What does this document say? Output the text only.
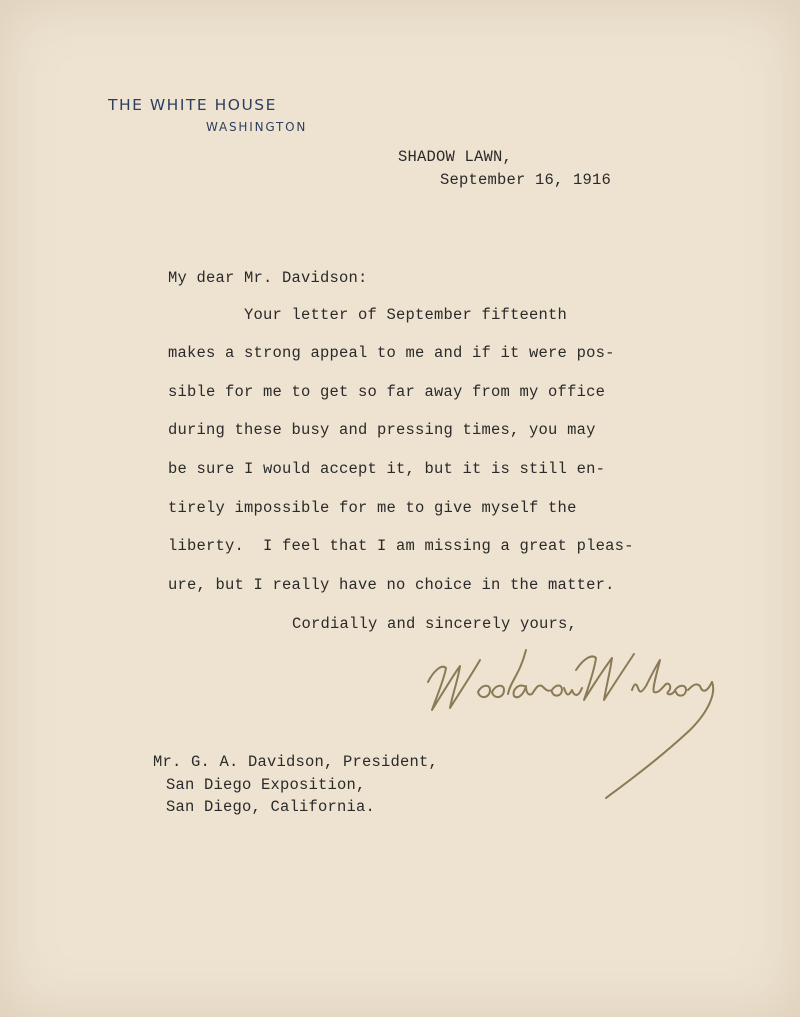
THE WHITE HOUSE
WASHINGTON
SHADOW LAWN,
September 16, 1916
My dear Mr. Davidson:
Your letter of September fifteenth
makes a strong appeal to me and if it were pos-
sible for me to get so far away from my office
during these busy and pressing times, you may
be sure I would accept it, but it is still en-
tirely impossible for me to give myself the
liberty.  I feel that I am missing a great pleas-
ure, but I really have no choice in the matter.
Cordially and sincerely yours,
Mr. G. A. Davidson, President,
San Diego Exposition,
San Diego, California.
